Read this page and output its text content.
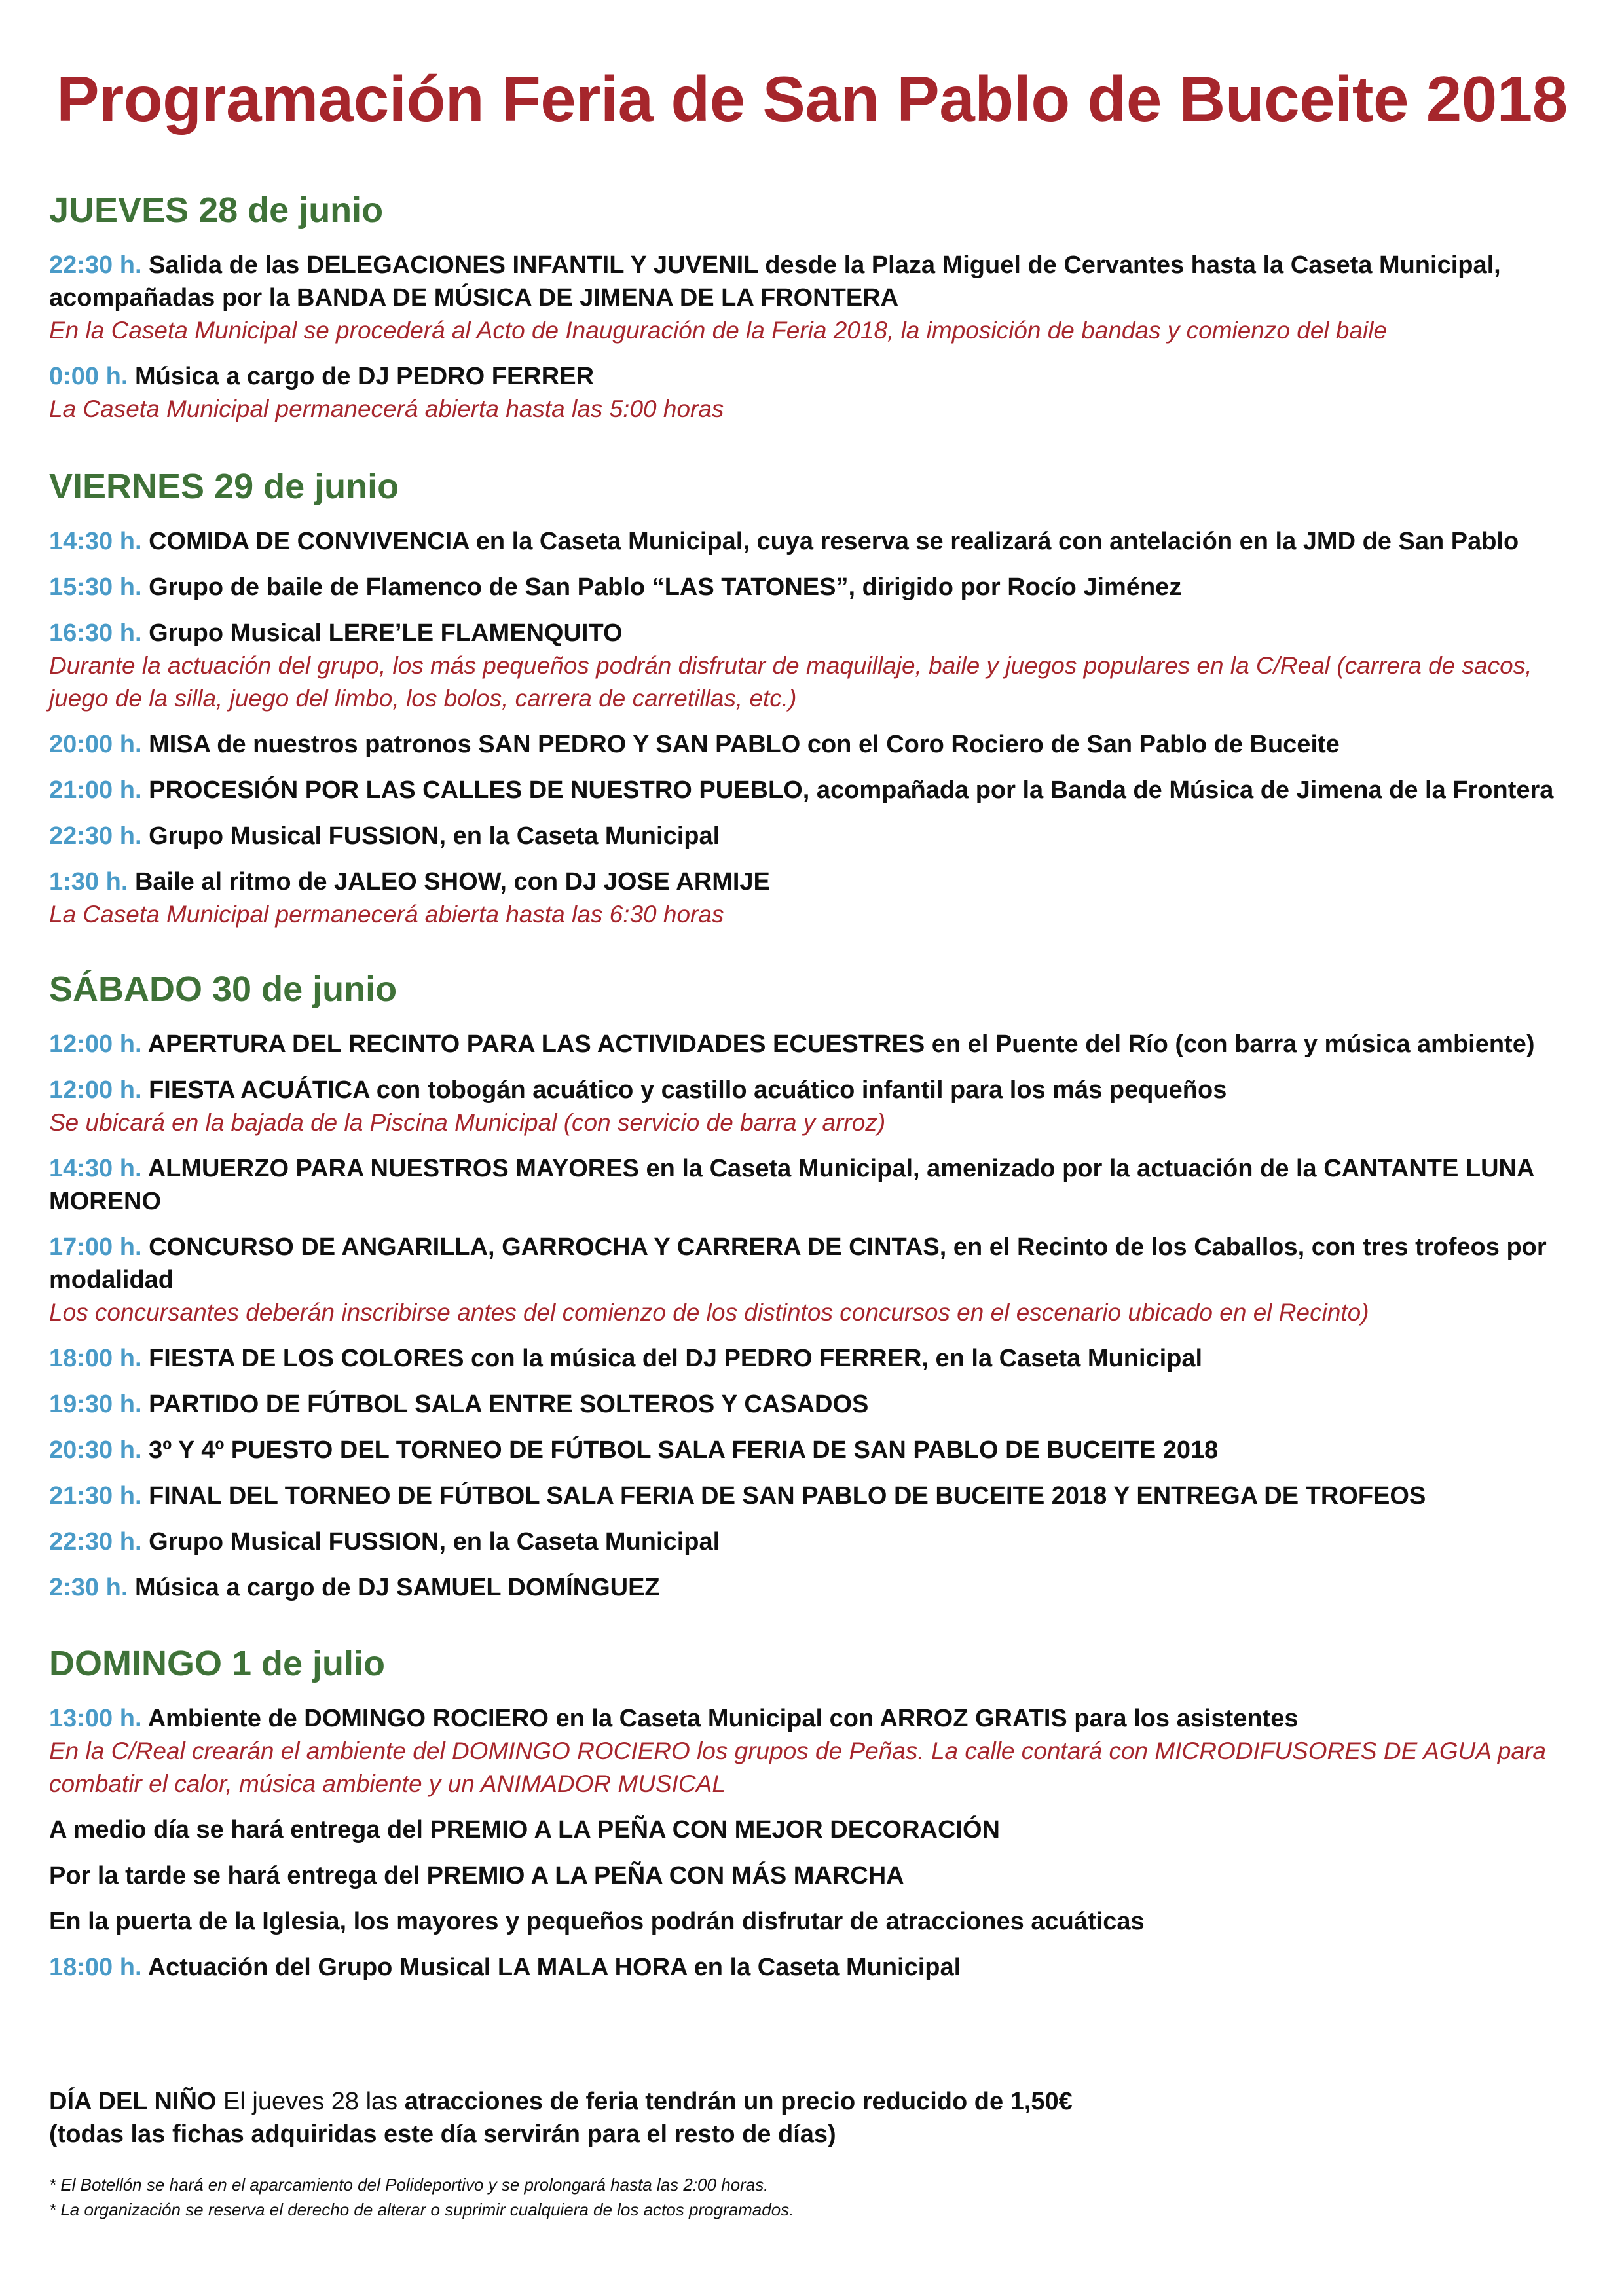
Programación Feria de San Pablo de Buceite 2018
JUEVES 28 de junio

22:30 h. Salida de las DELEGACIONES INFANTIL Y JUVENIL desde la Plaza Miguel de Cervantes hasta la Caseta Municipal, acompañadas por la BANDA DE MÚSICA DE JIMENA DE LA FRONTERA

En la Caseta Municipal se procederá al Acto de Inauguración de la Feria 2018, la imposición de bandas y comienzo del baile

0:00 h. Música a cargo de DJ PEDRO FERRER

La Caseta Municipal permanecerá abierta hasta las 5:00 horas

VIERNES 29 de junio

14:30 h. COMIDA DE CONVIVENCIA en la Caseta Municipal, cuya reserva se realizará con antelación en la JMD de San Pablo

15:30 h. Grupo de baile de Flamenco de San Pablo “LAS TATONES”, dirigido por Rocío Jiménez

16:30 h. Grupo Musical LERE’LE FLAMENQUITO

Durante la actuación del grupo, los más pequeños podrán disfrutar de maquillaje, baile y juegos populares en la C/Real (carrera de sacos, juego de la silla, juego del limbo, los bolos, carrera de carretillas, etc.)

20:00 h. MISA de nuestros patronos SAN PEDRO Y SAN PABLO con el Coro Rociero de San Pablo de Buceite

21:00 h. PROCESIÓN POR LAS CALLES DE NUESTRO PUEBLO, acompañada por la Banda de Música de Jimena de la Frontera

22:30 h. Grupo Musical FUSSION, en la Caseta Municipal

1:30 h. Baile al ritmo de JALEO SHOW, con DJ JOSE ARMIJE

La Caseta Municipal permanecerá abierta hasta las 6:30 horas

SÁBADO 30 de junio

12:00 h. APERTURA DEL RECINTO PARA LAS ACTIVIDADES ECUESTRES en el Puente del Río (con barra y música ambiente)

12:00 h. FIESTA ACUÁTICA con tobogán acuático y castillo acuático infantil para los más pequeños

Se ubicará en la bajada de la Piscina Municipal (con servicio de barra y arroz)

14:30 h. ALMUERZO PARA NUESTROS MAYORES en la Caseta Municipal, amenizado por la actuación de la CANTANTE LUNA MORENO

17:00 h. CONCURSO DE ANGARILLA, GARROCHA Y CARRERA DE CINTAS, en el Recinto de los Caballos, con tres trofeos por modalidad

Los concursantes deberán inscribirse antes del comienzo de los distintos concursos en el escenario ubicado en el Recinto)

18:00 h. FIESTA DE LOS COLORES con la música del DJ PEDRO FERRER, en la Caseta Municipal

19:30 h. PARTIDO DE FÚTBOL SALA ENTRE SOLTEROS Y CASADOS

20:30 h. 3º Y 4º PUESTO DEL TORNEO DE FÚTBOL SALA FERIA DE SAN PABLO DE BUCEITE 2018

21:30 h. FINAL DEL TORNEO DE FÚTBOL SALA FERIA DE SAN PABLO DE BUCEITE 2018 Y ENTREGA DE TROFEOS

22:30 h. Grupo Musical FUSSION, en la Caseta Municipal

2:30 h. Música a cargo de DJ SAMUEL DOMÍNGUEZ

DOMINGO 1 de julio

13:00 h. Ambiente de DOMINGO ROCIERO en la Caseta Municipal con ARROZ GRATIS para los asistentes

En la C/Real crearán el ambiente del DOMINGO ROCIERO los grupos de Peñas. La calle contará con MICRODIFUSORES DE AGUA para combatir el calor, música ambiente y un ANIMADOR MUSICAL

A medio día se hará entrega del PREMIO A LA PEÑA CON MEJOR DECORACIÓN

Por la tarde se hará entrega del PREMIO A LA PEÑA CON MÁS MARCHA

En la puerta de la Iglesia, los mayores y pequeños podrán disfrutar de atracciones acuáticas

18:00 h. Actuación del Grupo Musical LA MALA HORA en la Caseta Municipal

DÍA DEL NIÑO El jueves 28 las atracciones de feria tendrán un precio reducido de 1,50€

(todas las fichas adquiridas este día servirán para el resto de días)

* El Botellón se hará en el aparcamiento del Polideportivo y se prolongará hasta las 2:00 horas.

* La organización se reserva el derecho de alterar o suprimir cualquiera de los actos programados.
